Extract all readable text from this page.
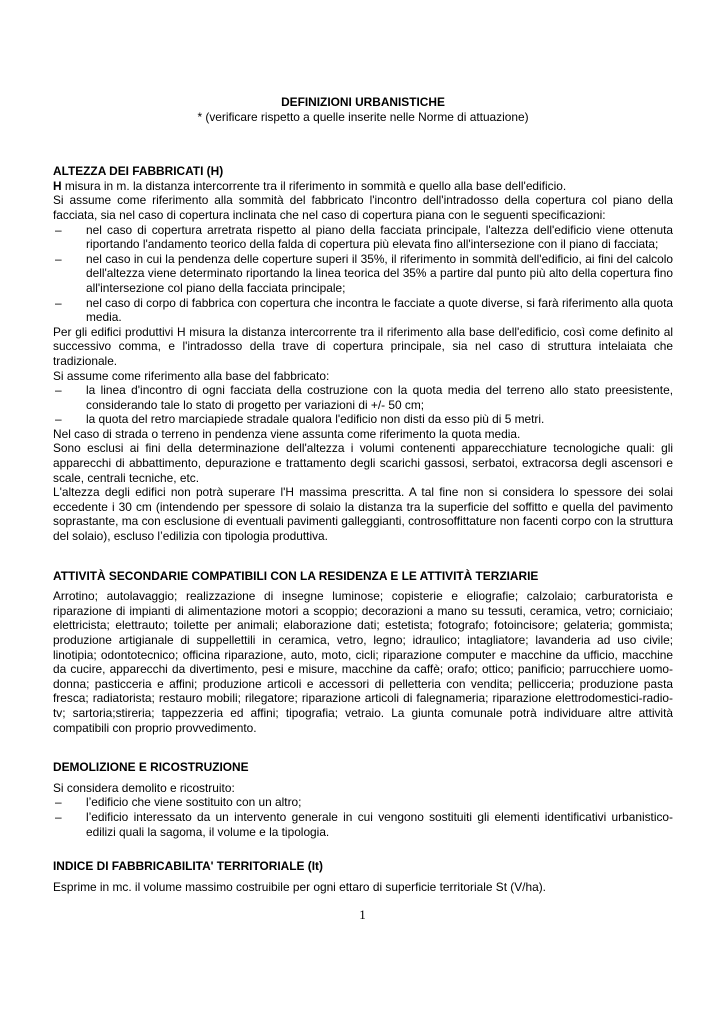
DEFINIZIONI URBANISTICHE
* (verificare rispetto a quelle inserite nelle Norme di attuazione)
ALTEZZA DEI FABBRICATI (H)

H misura in m. la distanza intercorrente tra il riferimento in sommità e quello alla base dell'edificio.

Si assume come riferimento alla sommità del fabbricato l'incontro dell'intradosso della copertura col piano della facciata, sia nel caso di copertura inclinata che nel caso di copertura piana con le seguenti specificazioni:

– nel caso di copertura arretrata rispetto al piano della facciata principale, l'altezza dell'edificio viene ottenuta riportando l'andamento teorico della falda di copertura più elevata fino all'intersezione con il piano di facciata;
– nel caso in cui la pendenza delle coperture superi il 35%, il riferimento in sommità dell'edificio, ai fini del calcolo dell'altezza viene determinato riportando la linea teorica del 35% a partire dal punto più alto della copertura fino all'intersezione col piano della facciata principale;
– nel caso di corpo di fabbrica con copertura che incontra le facciate a quote diverse, si farà riferimento alla quota media.

Per gli edifici produttivi H misura la distanza intercorrente tra il riferimento alla base dell'edificio, così come definito al successivo comma, e l'intradosso della trave di copertura principale, sia nel caso di struttura intelaiata che tradizionale.

Si assume come riferimento alla base del fabbricato:

– la linea d'incontro di ogni facciata della costruzione con la quota media del terreno allo stato preesistente, considerando tale lo stato di progetto per variazioni di +/- 50 cm;
– la quota del retro marciapiede stradale qualora l'edificio non disti da esso più di 5 metri.

Nel caso di strada o terreno in pendenza viene assunta come riferimento la quota media.

Sono esclusi ai fini della determinazione dell'altezza i volumi contenenti apparecchiature tecnologiche quali: gli apparecchi di abbattimento, depurazione e trattamento degli scarichi gassosi, serbatoi, extracorsa degli ascensori e scale, centrali tecniche, etc.

L'altezza degli edifici non potrà superare l'H massima prescritta. A tal fine non si considera lo spessore dei solai eccedente i 30 cm (intendendo per spessore di solaio la distanza tra la superficie del soffitto e quella del pavimento soprastante, ma con esclusione di eventuali pavimenti galleggianti, controsoffittature non facenti corpo con la struttura del solaio), escluso l’edilizia con tipologia produttiva.

ATTIVITÀ SECONDARIE COMPATIBILI CON LA RESIDENZA E LE ATTIVITÀ TERZIARIE

Arrotino; autolavaggio; realizzazione di insegne luminose; copisterie e eliografie; calzolaio; carburatorista e riparazione di impianti di alimentazione motori a scoppio; decorazioni a mano su tessuti, ceramica, vetro; corniciaio; elettricista; elettrauto; toilette per animali; elaborazione dati; estetista; fotografo; fotoincisore; gelateria; gommista; produzione artigianale di suppellettili in ceramica, vetro, legno; idraulico; intagliatore; lavanderia ad uso civile; linotipia; odontotecnico; officina riparazione, auto, moto, cicli; riparazione computer e macchine da ufficio, macchine da cucire, apparecchi da divertimento, pesi e misure, macchine da caffè; orafo; ottico; panificio; parrucchiere uomo-donna; pasticceria e affini; produzione articoli e accessori di pelletteria con vendita; pellicceria; produzione pasta fresca; radiatorista; restauro mobili; rilegatore; riparazione articoli di falegnameria; riparazione elettrodomestici-radio-tv; sartoria;stireria; tappezzeria ed affini; tipografia; vetraio. La giunta comunale potrà individuare altre attività compatibili con proprio provvedimento.

DEMOLIZIONE E RICOSTRUZIONE

Si considera demolito e ricostruito:

– l’edificio che viene sostituito con un altro;
– l’edificio interessato da un intervento generale in cui vengono sostituiti gli elementi identificativi urbanistico-edilizi quali la sagoma, il volume e la tipologia.
INDICE DI FABBRICABILITA' TERRITORIALE (It)

Esprime in mc. il volume massimo costruibile per ogni ettaro di superficie territoriale St (V/ha).

1
